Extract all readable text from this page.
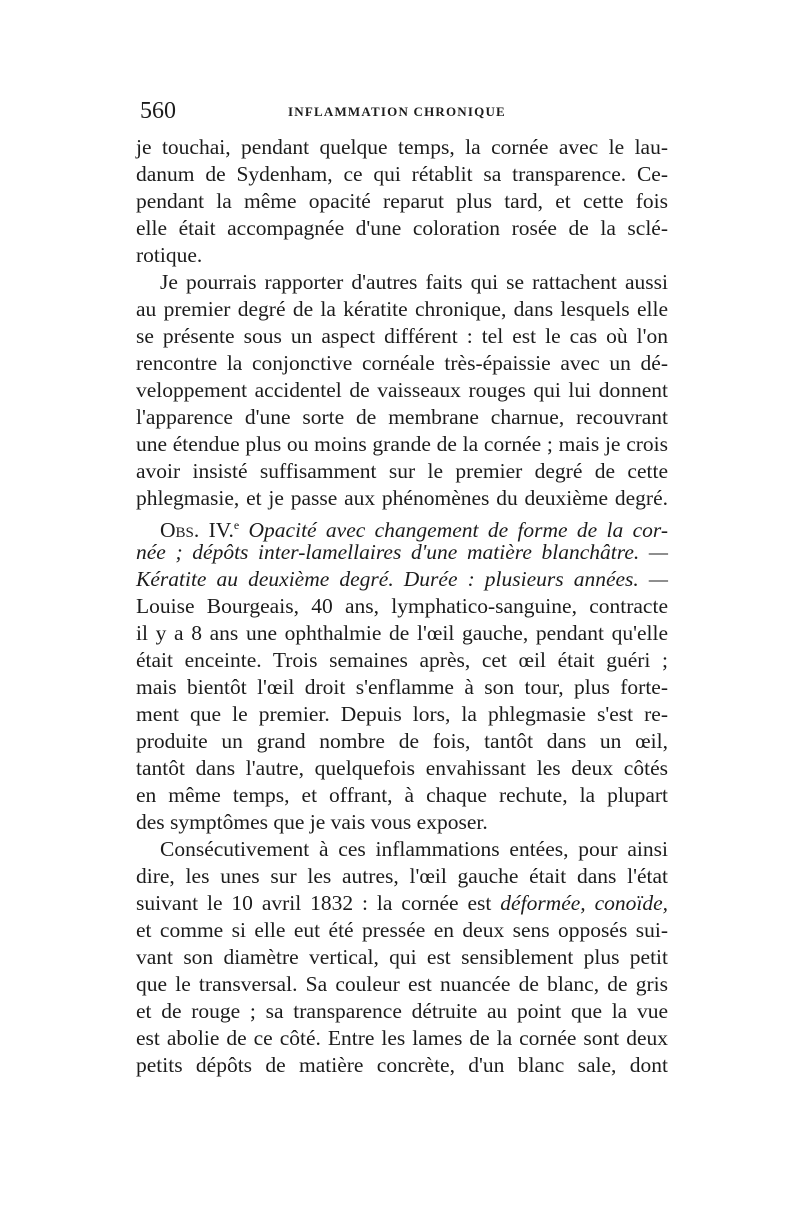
560	INFLAMMATION CHRONIQUE
je touchai, pendant quelque temps, la cornée avec le lau-
danum de Sydenham, ce qui rétablit sa transparence. Ce-
pendant la même opacité reparut plus tard, et cette fois
elle était accompagnée d'une coloration rosée de la sclé-
rotique.
Je pourrais rapporter d'autres faits qui se rattachent aussi
au premier degré de la kératite chronique, dans lesquels elle
se présente sous un aspect différent : tel est le cas où l'on
rencontre la conjonctive cornéale très-épaissie avec un dé-
veloppement accidentel de vaisseaux rouges qui lui donnent
l'apparence d'une sorte de membrane charnue, recouvrant
une étendue plus ou moins grande de la cornée ; mais je crois
avoir insisté suffisamment sur le premier degré de cette
phlegmasie, et je passe aux phénomènes du deuxième degré.
Obs. IV.$^e$ Opacité avec changement de forme de la cor-
née ; dépôts inter-lamellaires d'une matière blanchâtre. —
Kératite au deuxième degré. Durée : plusieurs années. —
Louise Bourgeais, 40 ans, lymphatico-sanguine, contracte
il y a 8 ans une ophthalmie de l'œil gauche, pendant qu'elle
était enceinte. Trois semaines après, cet œil était guéri ;
mais bientôt l'œil droit s'enflamme à son tour, plus forte-
ment que le premier. Depuis lors, la phlegmasie s'est re-
produite un grand nombre de fois, tantôt dans un œil,
tantôt dans l'autre, quelquefois envahissant les deux côtés
en même temps, et offrant, à chaque rechute, la plupart
des symptômes que je vais vous exposer.
Consécutivement à ces inflammations entées, pour ainsi
dire, les unes sur les autres, l'œil gauche était dans l'état
suivant le 10 avril 1832 : la cornée est déformée, conoïde,
et comme si elle eut été pressée en deux sens opposés sui-
vant son diamètre vertical, qui est sensiblement plus petit
que le transversal. Sa couleur est nuancée de blanc, de gris
et de rouge ; sa transparence détruite au point que la vue
est abolie de ce côté. Entre les lames de la cornée sont deux
petits dépôts de matière concrète, d'un blanc sale, dont
